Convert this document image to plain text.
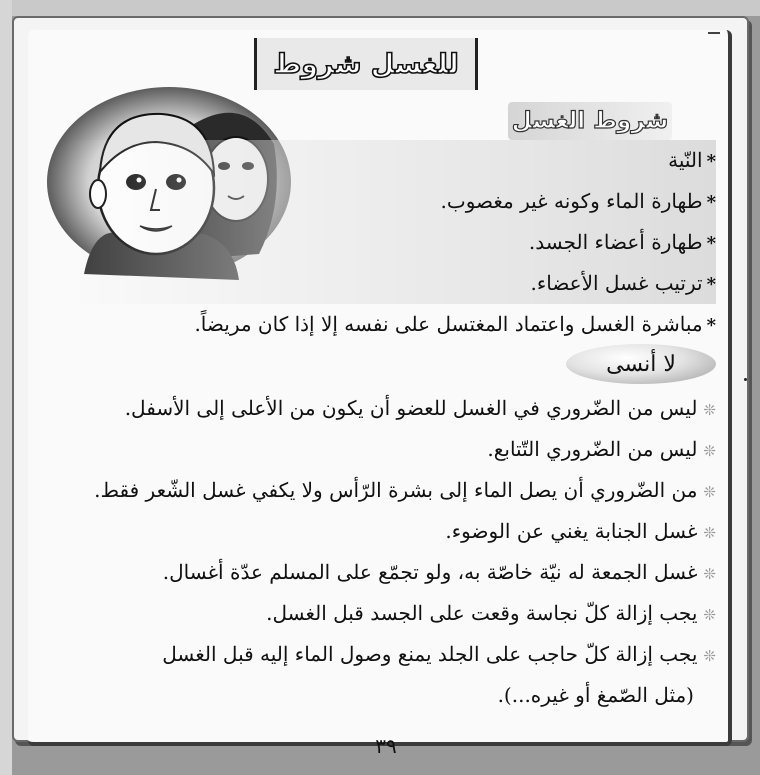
للغسل شروط
شروط الغسل
*النّية
*طهارة الماء وكونه غير مغصوب.
*طهارة أعضاء الجسد.
*ترتيب غسل الأعضاء.
*مباشرة الغسل واعتماد المغتسل على نفسه إلا إذا كان مريضاً.
لا أنسى
❊ليس من الضّروري في الغسل للعضو أن يكون من الأعلى إلى الأسفل.
❊ليس من الضّروري التّتابع.
❊من الضّروري أن يصل الماء إلى بشرة الرّأس ولا يكفي غسل الشّعر فقط.
❊غسل الجنابة يغني عن الوضوء.
❊غسل الجمعة له نيّة خاصّة به، ولو تجمّع على المسلم عدّة أغسال.
❊يجب إزالة كلّ نجاسة وقعت على الجسد قبل الغسل.
❊يجب إزالة كلّ حاجب على الجلد يمنع وصول الماء إليه قبل الغسل
(مثل الصّمغ أو غيره...).
٣٩
